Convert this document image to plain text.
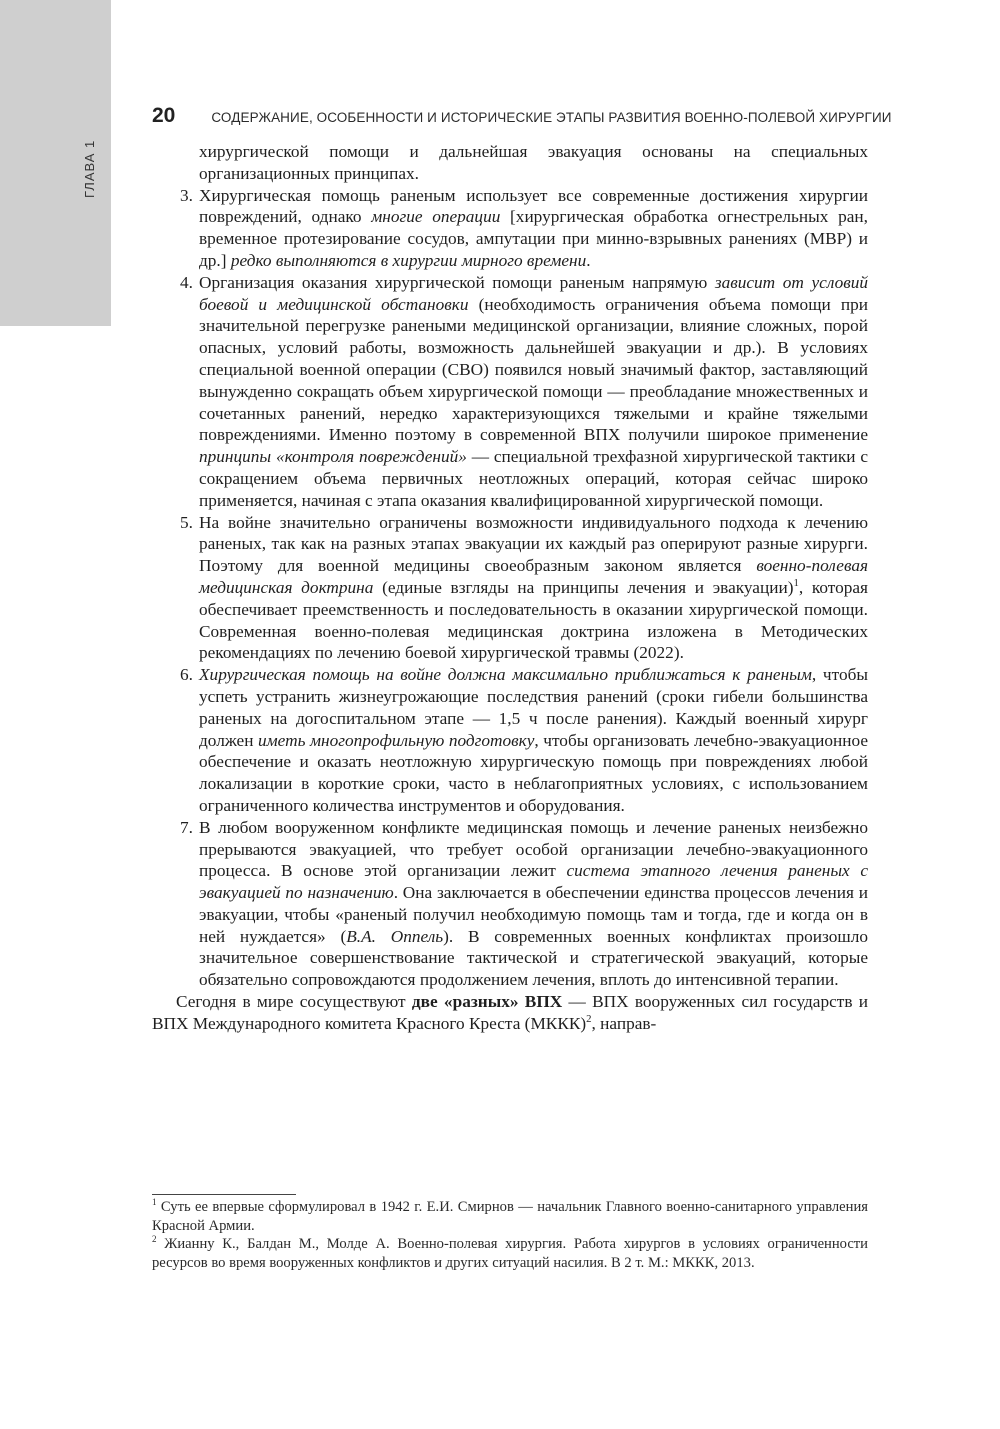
ГЛАВА 1
20	СОДЕРЖАНИЕ, ОСОБЕННОСТИ И ИСТОРИЧЕСКИЕ ЭТАПЫ РАЗВИТИЯ ВОЕННО-ПОЛЕВОЙ ХИРУРГИИ
хирургической помощи и дальнейшая эвакуация основаны на специальных организационных принципах.
3. Хирургическая помощь раненым использует все современные достижения хирургии повреждений, однако многие операции [хирургическая обработка огнестрельных ран, временное протезирование сосудов, ампутации при минно-взрывных ранениях (МВР) и др.] редко выполняются в хирургии мирного времени.
4. Организация оказания хирургической помощи раненым напрямую зависит от условий боевой и медицинской обстановки (необходимость ограничения объема помощи при значительной перегрузке ранеными медицинской организации, влияние сложных, порой опасных, условий работы, возможность дальнейшей эвакуации и др.). В условиях специальной военной операции (СВО) появился новый значимый фактор, заставляющий вынужденно сокращать объем хирургической помощи — преобладание множественных и сочетанных ранений, нередко характеризующихся тяжелыми и крайне тяжелыми повреждениями. Именно поэтому в современной ВПХ получили широкое применение принципы «контроля повреждений» — специальной трехфазной хирургической тактики с сокращением объема первичных неотложных операций, которая сейчас широко применяется, начиная с этапа оказания квалифицированной хирургической помощи.
5. На войне значительно ограничены возможности индивидуального подхода к лечению раненых, так как на разных этапах эвакуации их каждый раз оперируют разные хирурги. Поэтому для военной медицины своеобразным законом является военно-полевая медицинская доктрина (единые взгляды на принципы лечения и эвакуации)$^1$, которая обеспечивает преемственность и последовательность в оказании хирургической помощи. Современная военно-полевая медицинская доктрина изложена в Методических рекомендациях по лечению боевой хирургической травмы (2022).
6. Хирургическая помощь на войне должна максимально приближаться к раненым, чтобы успеть устранить жизнеугрожающие последствия ранений (сроки гибели большинства раненых на догоспитальном этапе — 1,5 ч после ранения). Каждый военный хирург должен иметь многопрофильную подготовку, чтобы организовать лечебно-эвакуационное обеспечение и оказать неотложную хирургическую помощь при повреждениях любой локализации в короткие сроки, часто в неблагоприятных условиях, с использованием ограниченного количества инструментов и оборудования.
7. В любом вооруженном конфликте медицинская помощь и лечение раненых неизбежно прерываются эвакуацией, что требует особой организации лечебно-эвакуационного процесса. В основе этой организации лежит система этапного лечения раненых с эвакуацией по назначению. Она заключается в обеспечении единства процессов лечения и эвакуации, чтобы «раненый получил необходимую помощь там и тогда, где и когда он в ней нуждается» (В.А. Оппель). В современных военных конфликтах произошло значительное совершенствование тактической и стратегической эвакуаций, которые обязательно сопровождаются продолжением лечения, вплоть до интенсивной терапии.
Сегодня в мире сосуществуют две «разных» ВПХ — ВПХ вооруженных сил государств и ВПХ Международного комитета Красного Креста (МККК)$^2$, направ-
$^1$ Суть ее впервые сформулировал в 1942 г. Е.И. Смирнов — начальник Главного военно-санитарного управления Красной Армии.
$^2$ Жианну К., Балдан М., Молде А. Военно-полевая хирургия. Работа хирургов в условиях ограниченности ресурсов во время вооруженных конфликтов и других ситуаций насилия. В 2 т. М.: МККК, 2013.
